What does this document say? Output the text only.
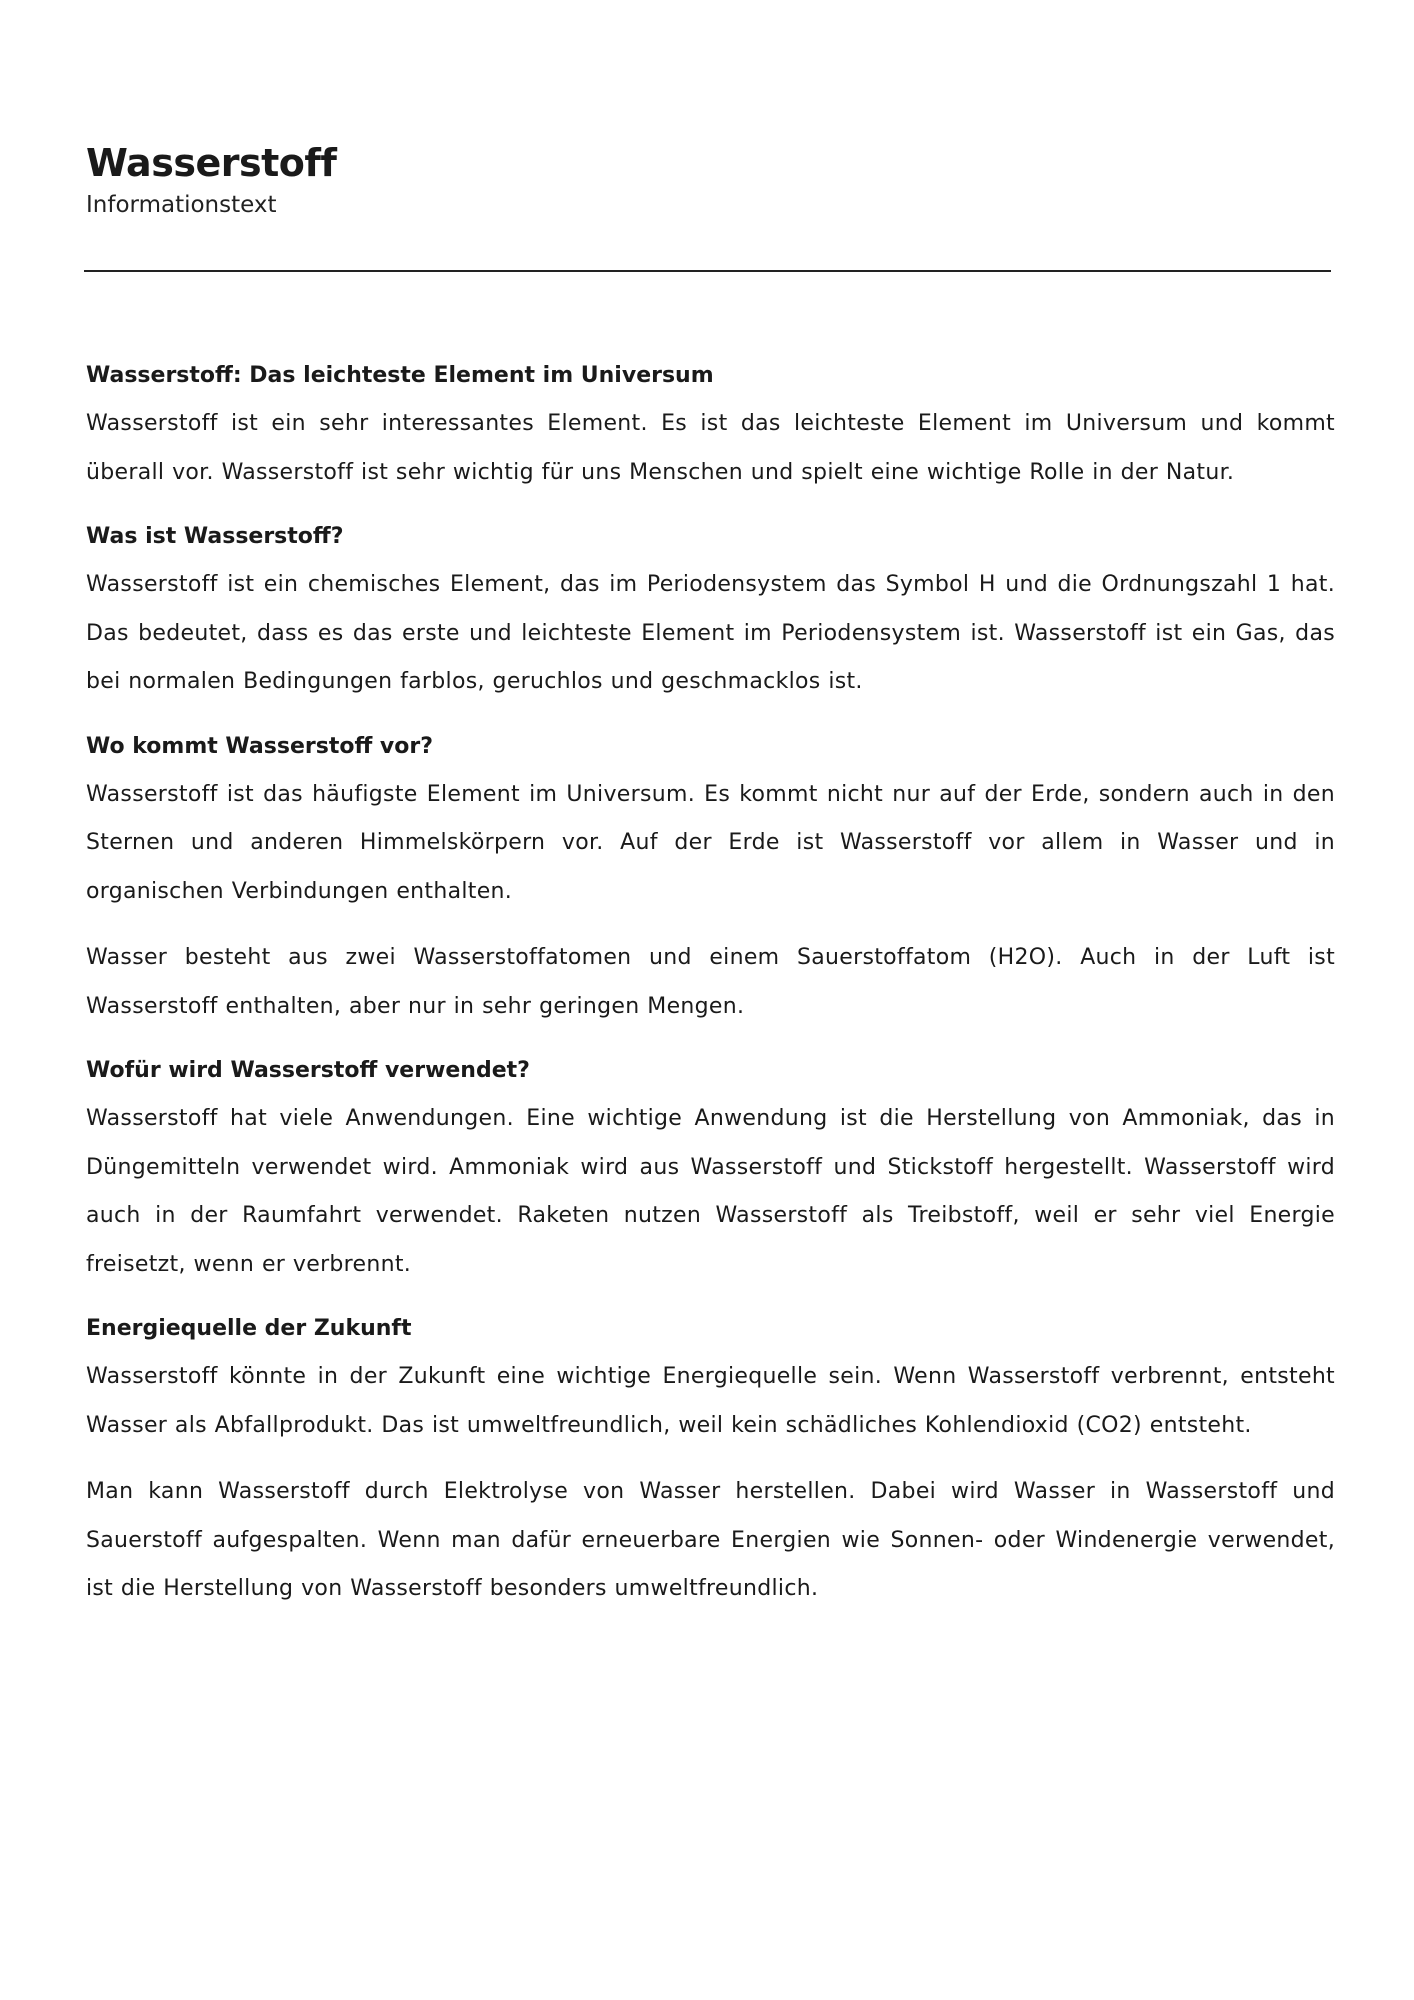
Wasserstoff

Informationstext

Wasserstoff: Das leichteste Element im Universum

Wasserstoff ist ein sehr interessantes Element. Es ist das leichteste Element im Universum und kommt überall vor. Wasserstoff ist sehr wichtig für uns Menschen und spielt eine wichtige Rolle in der Natur.

Was ist Wasserstoff?

Wasserstoff ist ein chemisches Element, das im Periodensystem das Symbol H und die Ordnungszahl 1 hat. Das bedeutet, dass es das erste und leichteste Element im Periodensystem ist. Wasserstoff ist ein Gas, das bei normalen Bedingungen farblos, geruchlos und geschmacklos ist.

Wo kommt Wasserstoff vor?

Wasserstoff ist das häufigste Element im Universum. Es kommt nicht nur auf der Erde, sondern auch in den Sternen und anderen Himmelskörpern vor. Auf der Erde ist Wasserstoff vor allem in Wasser und in organischen Verbindungen enthalten.

Wasser besteht aus zwei Wasserstoffatomen und einem Sauerstoffatom (H2O). Auch in der Luft ist Wasserstoff enthalten, aber nur in sehr geringen Mengen.

Wofür wird Wasserstoff verwendet?

Wasserstoff hat viele Anwendungen. Eine wichtige Anwendung ist die Herstellung von Ammoniak, das in Düngemitteln verwendet wird. Ammoniak wird aus Wasserstoff und Stickstoff hergestellt. Wasserstoff wird auch in der Raumfahrt verwendet. Raketen nutzen Wasserstoff als Treibstoff, weil er sehr viel Energie freisetzt, wenn er verbrennt.

Energiequelle der Zukunft

Wasserstoff könnte in der Zukunft eine wichtige Energiequelle sein. Wenn Wasserstoff verbrennt, entsteht Wasser als Abfallprodukt. Das ist umweltfreundlich, weil kein schädliches Kohlendioxid (CO2) entsteht.

Man kann Wasserstoff durch Elektrolyse von Wasser herstellen. Dabei wird Wasser in Wasserstoff und Sauerstoff aufgespalten. Wenn man dafür erneuerbare Energien wie Sonnen- oder Windenergie verwendet, ist die Herstellung von Wasserstoff besonders umweltfreundlich.
